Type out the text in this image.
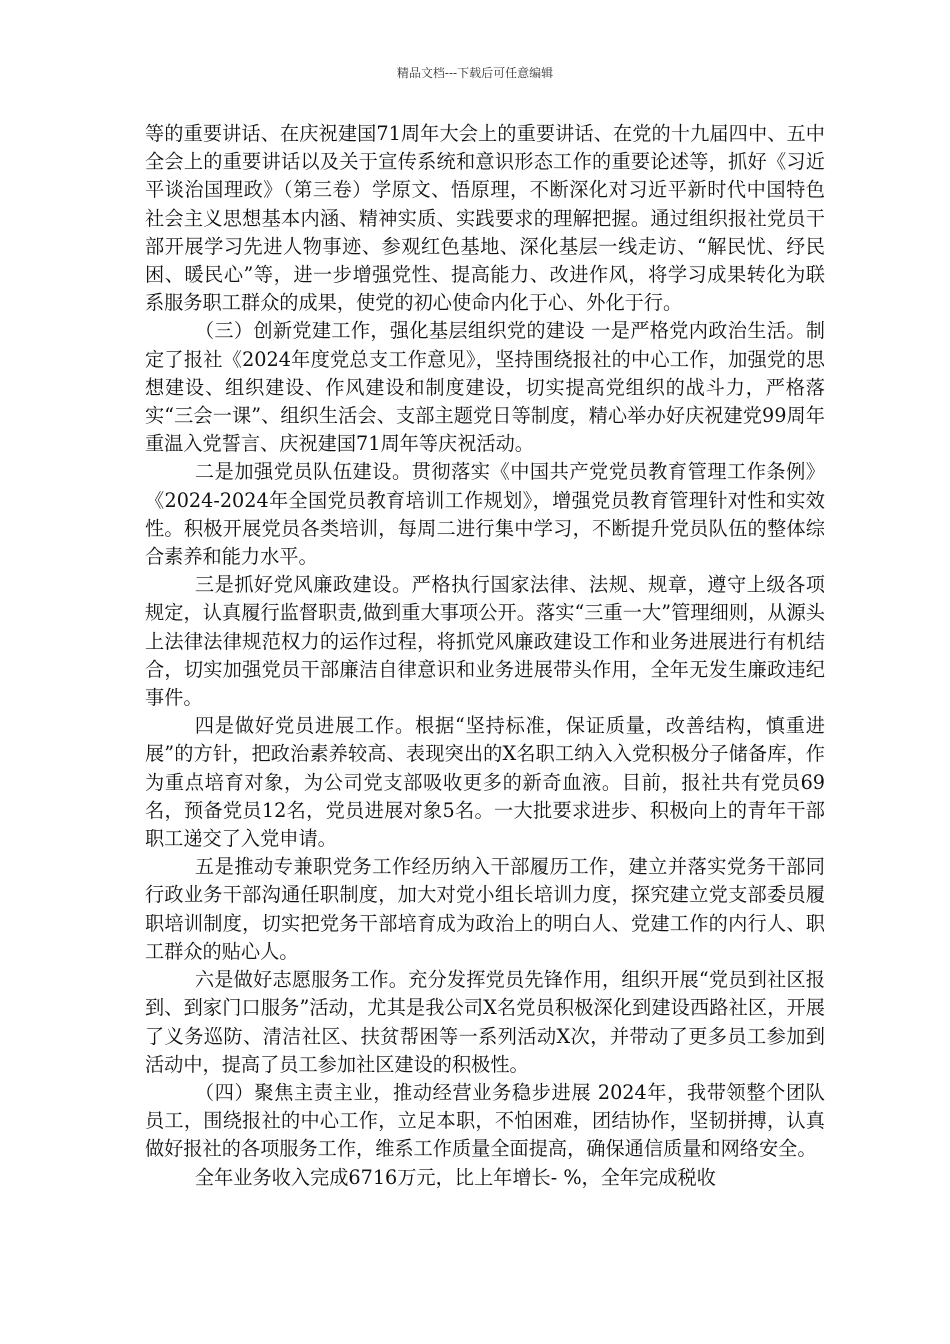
精品文档---下载后可任意编辑

等的重要讲话、在庆祝建国71周年大会上的重要讲话、在党的十九届四中、五中全会上的重要讲话以及关于宣传系统和意识形态工作的重要论述等，抓好《习近平谈治国理政》（第三卷）学原文、悟原理，不断深化对习近平新时代中国特色社会主义思想基本内涵、精神实质、实践要求的理解把握。通过组织报社党员干部开展学习先进人物事迹、参观红色基地、深化基层一线走访、“解民忧、纾民困、暖民心”等，进一步增强党性、提高能力、改进作风，将学习成果转化为联系服务职工群众的成果，使党的初心使命内化于心、外化于行。

（三）创新党建工作，强化基层组织党的建设 一是严格党内政治生活。制定了报社《2024年度党总支工作意见》，坚持围绕报社的中心工作，加强党的思想建设、组织建设、作风建设和制度建设，切实提高党组织的战斗力，严格落实“三会一课”、组织生活会、支部主题党日等制度，精心举办好庆祝建党99周年重温入党誓言、庆祝建国71周年等庆祝活动。

二是加强党员队伍建设。贯彻落实《中国共产党党员教育管理工作条例》《2024-2024年全国党员教育培训工作规划》，增强党员教育管理针对性和实效性。积极开展党员各类培训，每周二进行集中学习，不断提升党员队伍的整体综合素养和能力水平。

三是抓好党风廉政建设。严格执行国家法律、法规、规章，遵守上级各项规定，认真履行监督职责,做到重大事项公开。落实“三重一大”管理细则，从源头上法律法律规范权力的运作过程，将抓党风廉政建设工作和业务进展进行有机结合，切实加强党员干部廉洁自律意识和业务进展带头作用，全年无发生廉政违纪事件。

四是做好党员进展工作。根据“坚持标准，保证质量，改善结构，慎重进展”的方针，把政治素养较高、表现突出的X名职工纳入入党积极分子储备库，作为重点培育对象，为公司党支部吸收更多的新奇血液。目前，报社共有党员69名，预备党员12名，党员进展对象5名。一大批要求进步、积极向上的青年干部职工递交了入党申请。

五是推动专兼职党务工作经历纳入干部履历工作，建立并落实党务干部同行政业务干部沟通任职制度，加大对党小组长培训力度，探究建立党支部委员履职培训制度，切实把党务干部培育成为政治上的明白人、党建工作的内行人、职工群众的贴心人。

六是做好志愿服务工作。充分发挥党员先锋作用，组织开展“党员到社区报到、到家门口服务”活动，尤其是我公司X名党员积极深化到建设西路社区，开展了义务巡防、清洁社区、扶贫帮困等一系列活动X次，并带动了更多员工参加到活动中，提高了员工参加社区建设的积极性。

（四）聚焦主责主业，推动经营业务稳步进展 2024年，我带领整个团队员工，围绕报社的中心工作，立足本职，不怕困难，团结协作，坚韧拼搏，认真做好报社的各项服务工作，维系工作质量全面提高，确保通信质量和网络安全。

全年业务收入完成6716万元，比上年增长- %，全年完成税收
